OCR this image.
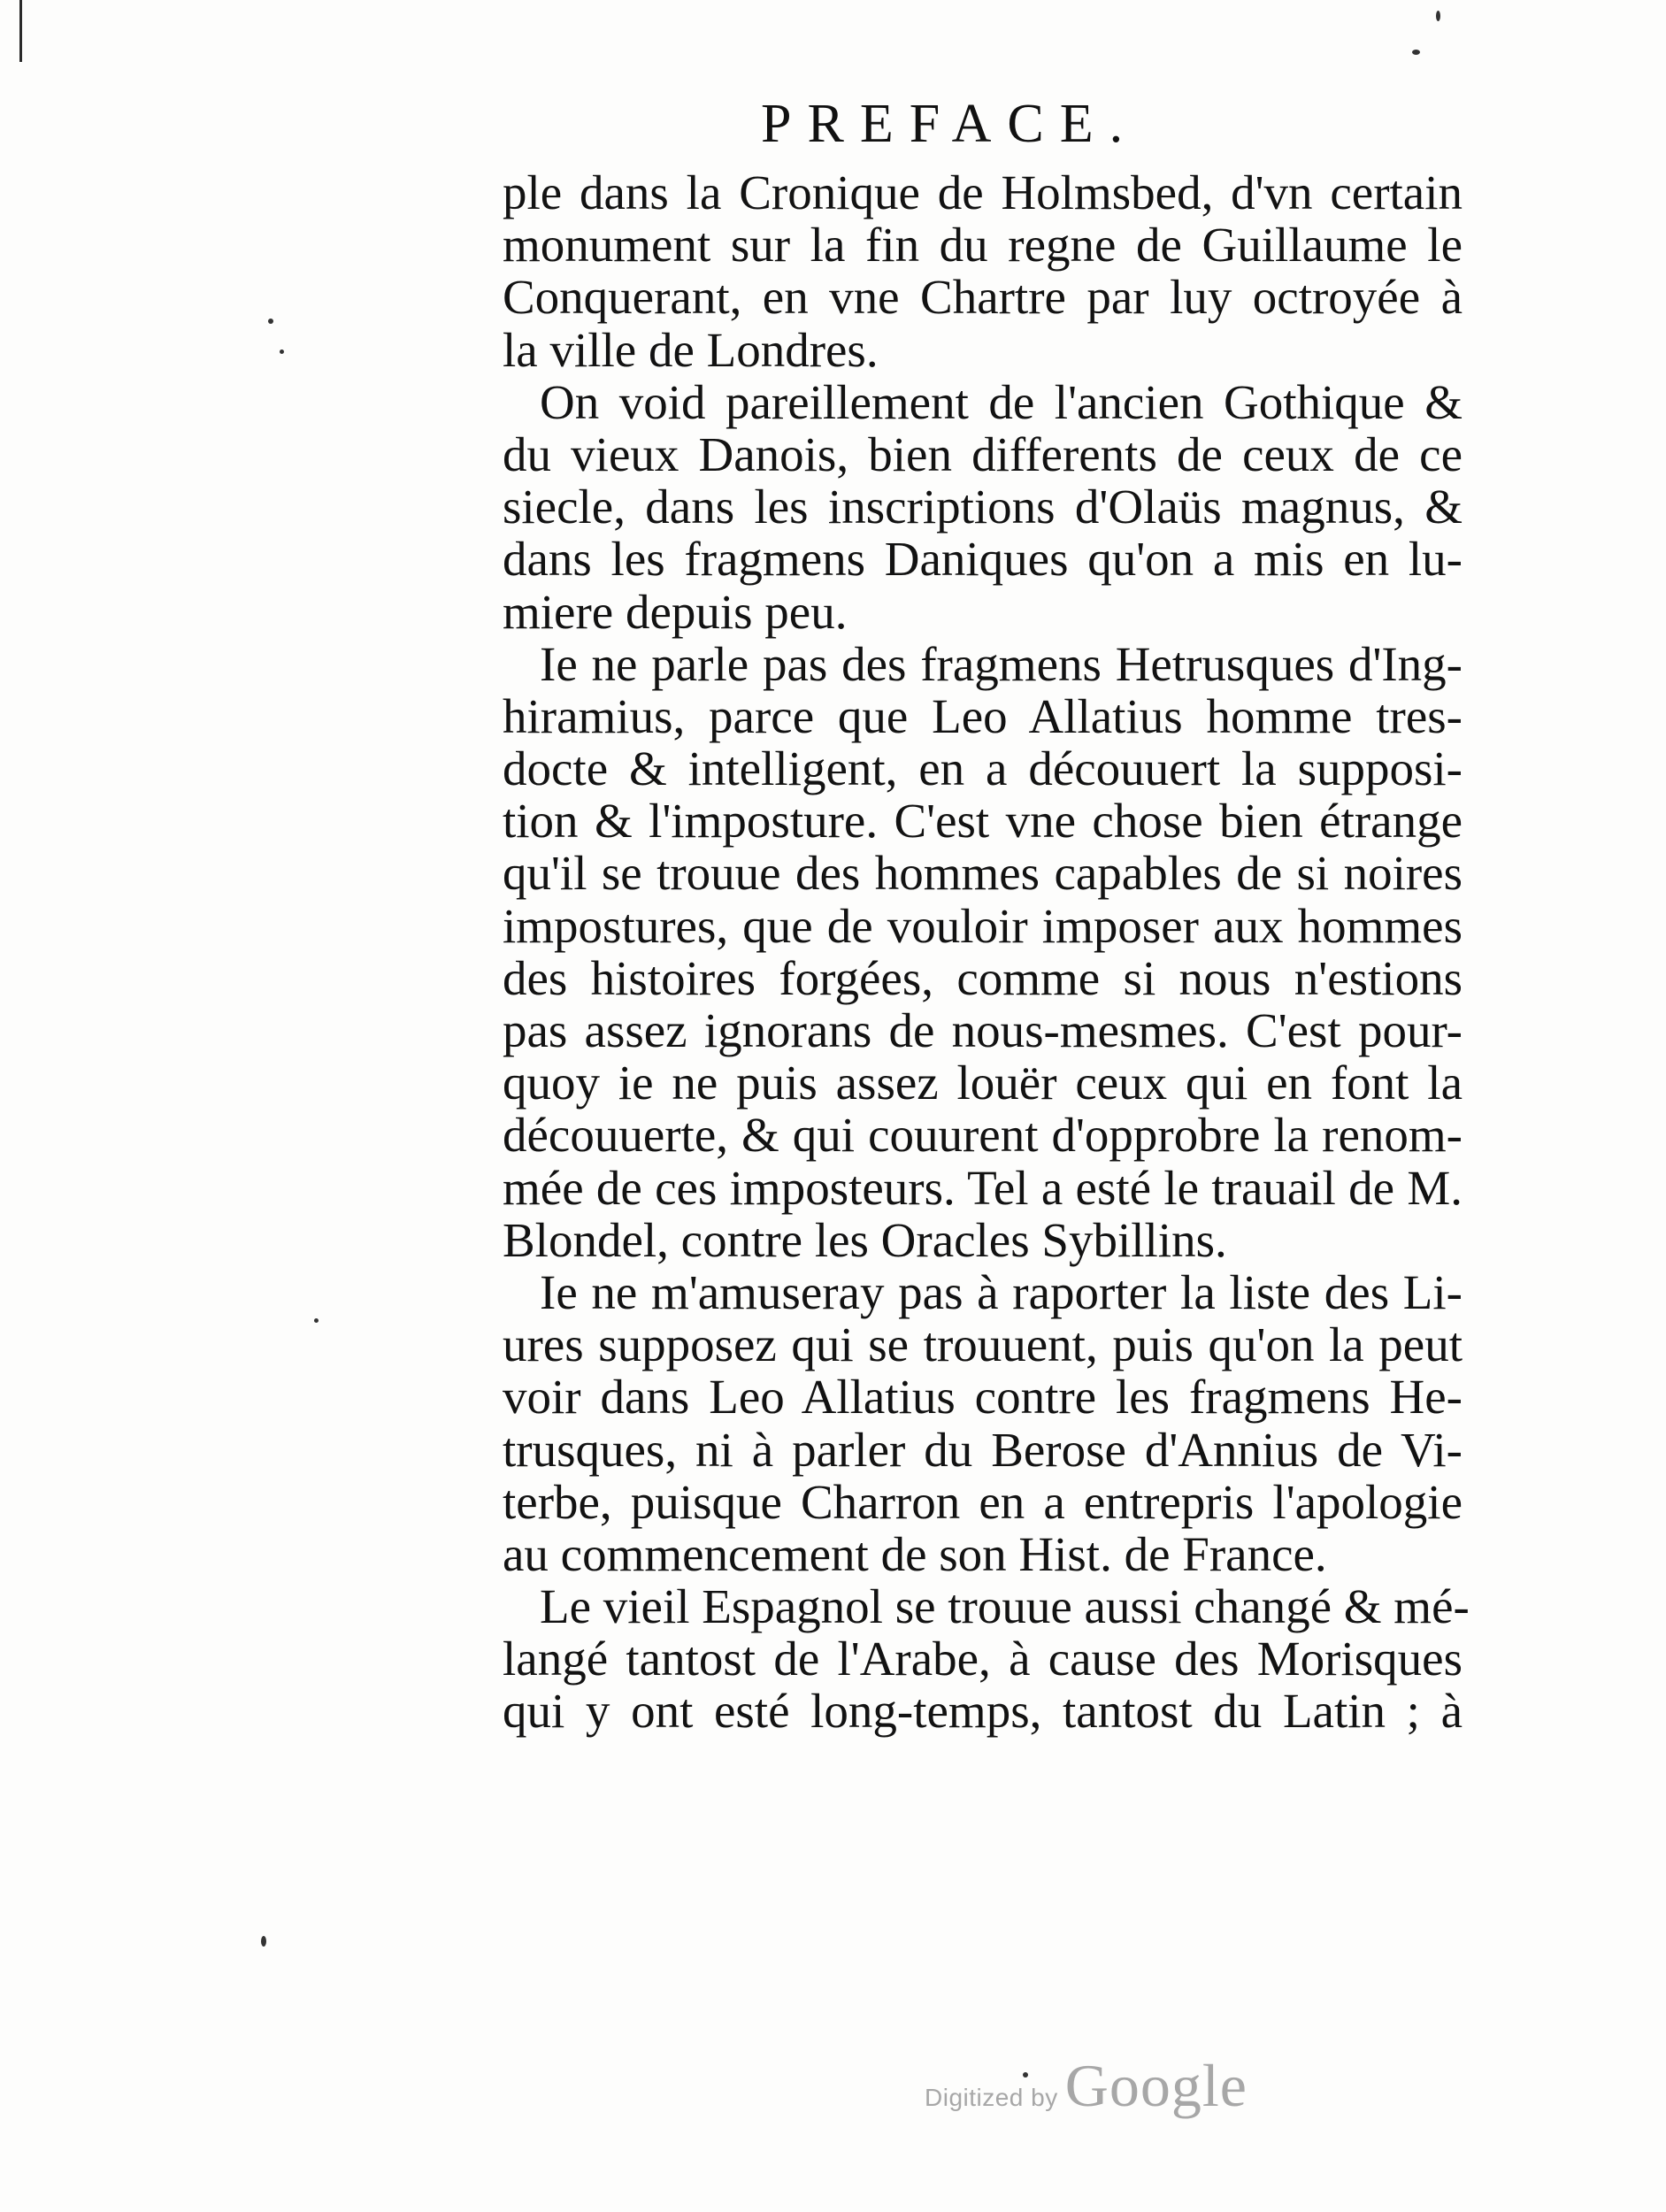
PREFACE.
ple dans la Cronique de Holmsbed, d'vn certain
monument sur la fin du regne de Guillaume le
Conquerant, en vne Chartre par luy octroyée à
la ville de Londres.
On void pareillement de l'ancien Gothique &
du vieux Danois, bien differents de ceux de ce
siecle, dans les inscriptions d'Olaüs magnus, &
dans les fragmens Daniques qu'on a mis en lu-
miere depuis peu.
Ie ne parle pas des fragmens Hetrusques d'Ing-
hiramius, parce que Leo Allatius homme tres-
docte & intelligent, en a découuert la supposi-
tion & l'imposture. C'est vne chose bien étrange
qu'il se trouue des hommes capables de si noires
impostures, que de vouloir imposer aux hommes
des histoires forgées, comme si nous n'estions
pas assez ignorans de nous-mesmes. C'est pour-
quoy ie ne puis assez louër ceux qui en font la
découuerte, & qui couurent d'opprobre la renom-
mée de ces imposteurs. Tel a esté le trauail de M.
Blondel, contre les Oracles Sybillins.
Ie ne m'amuseray pas à raporter la liste des Li-
ures supposez qui se trouuent, puis qu'on la peut
voir dans Leo Allatius contre les fragmens He-
trusques, ni à parler du Berose d'Annius de Vi-
terbe, puisque Charron en a entrepris l'apologie
au commencement de son Hist. de France.
Le vieil Espagnol se trouue aussi changé & mé-
langé tantost de l'Arabe, à cause des Morisques
qui y ont esté long-temps, tantost du Latin ; à
Digitized by Google
